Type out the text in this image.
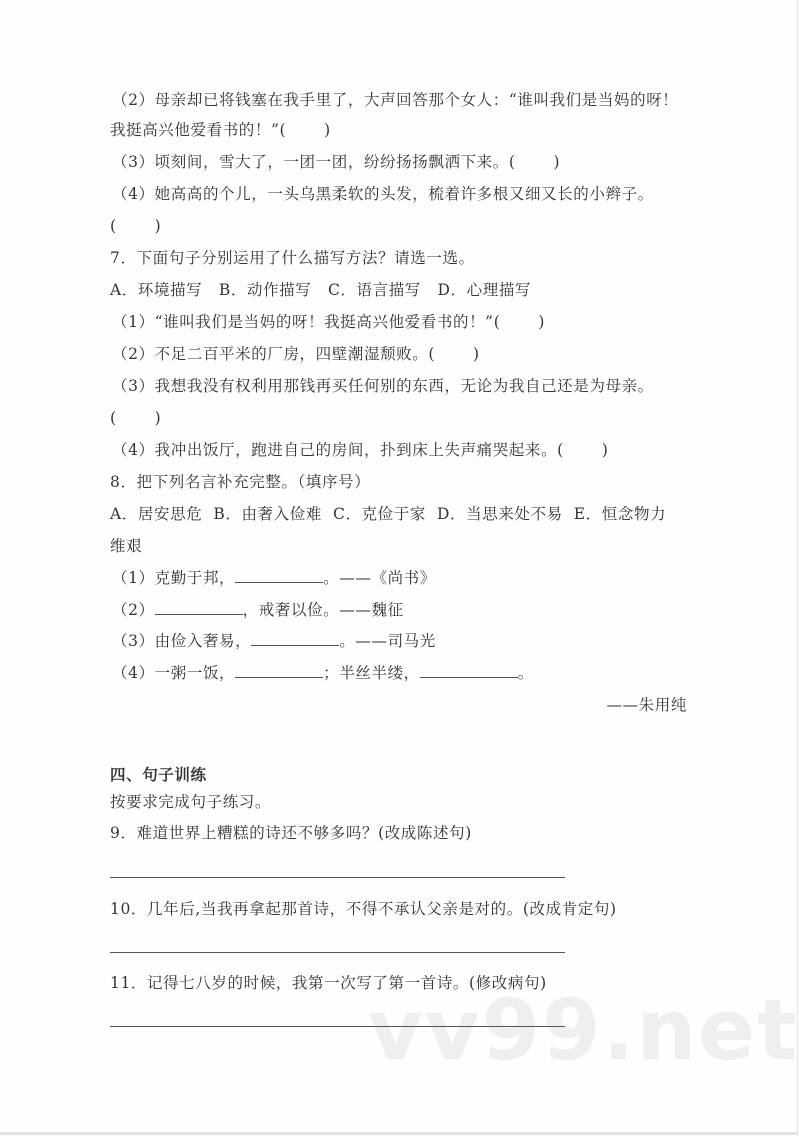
vv99.net
（2）母亲却已将钱塞在我手里了，大声回答那个女人：“谁叫我们是当妈的呀！
我挺高兴他爱看书的！”( )
（3）顷刻间，雪大了，一团一团，纷纷扬扬飘洒下来。( )
（4）她高高的个儿，一头乌黑柔软的头发，梳着许多根又细又长的小辫子。
( )
7．下面句子分别运用了什么描写方法？请选一选。
A．环境描写   B．动作描写   C．语言描写   D．心理描写
（1）“谁叫我们是当妈的呀！我挺高兴他爱看书的！”( )
（2）不足二百平米的厂房，四壁潮湿颓败。( )
（3）我想我没有权利用那钱再买任何别的东西，无论为我自己还是为母亲。
( )
（4）我冲出饭厅，跑进自己的房间，扑到床上失声痛哭起来。( )
8．把下列名言补充完整。（填序号）
A．居安思危  B．由奢入俭难  C．克俭于家  D．当思来处不易  E．恒念物力
维艰
（1）克勤于邦，	。——《尚书》
（2）	，戒奢以俭。——魏征
（3）由俭入奢易，	。——司马光
（4）一粥一饭，	；半丝半缕，	。
——朱用纯
四、句子训练
按要求完成句子练习。
9．难道世界上糟糕的诗还不够多吗？(改成陈述句)
10．几年后,当我再拿起那首诗，不得不承认父亲是对的。(改成肯定句)
11．记得七八岁的时候，我第一次写了第一首诗。(修改病句)
